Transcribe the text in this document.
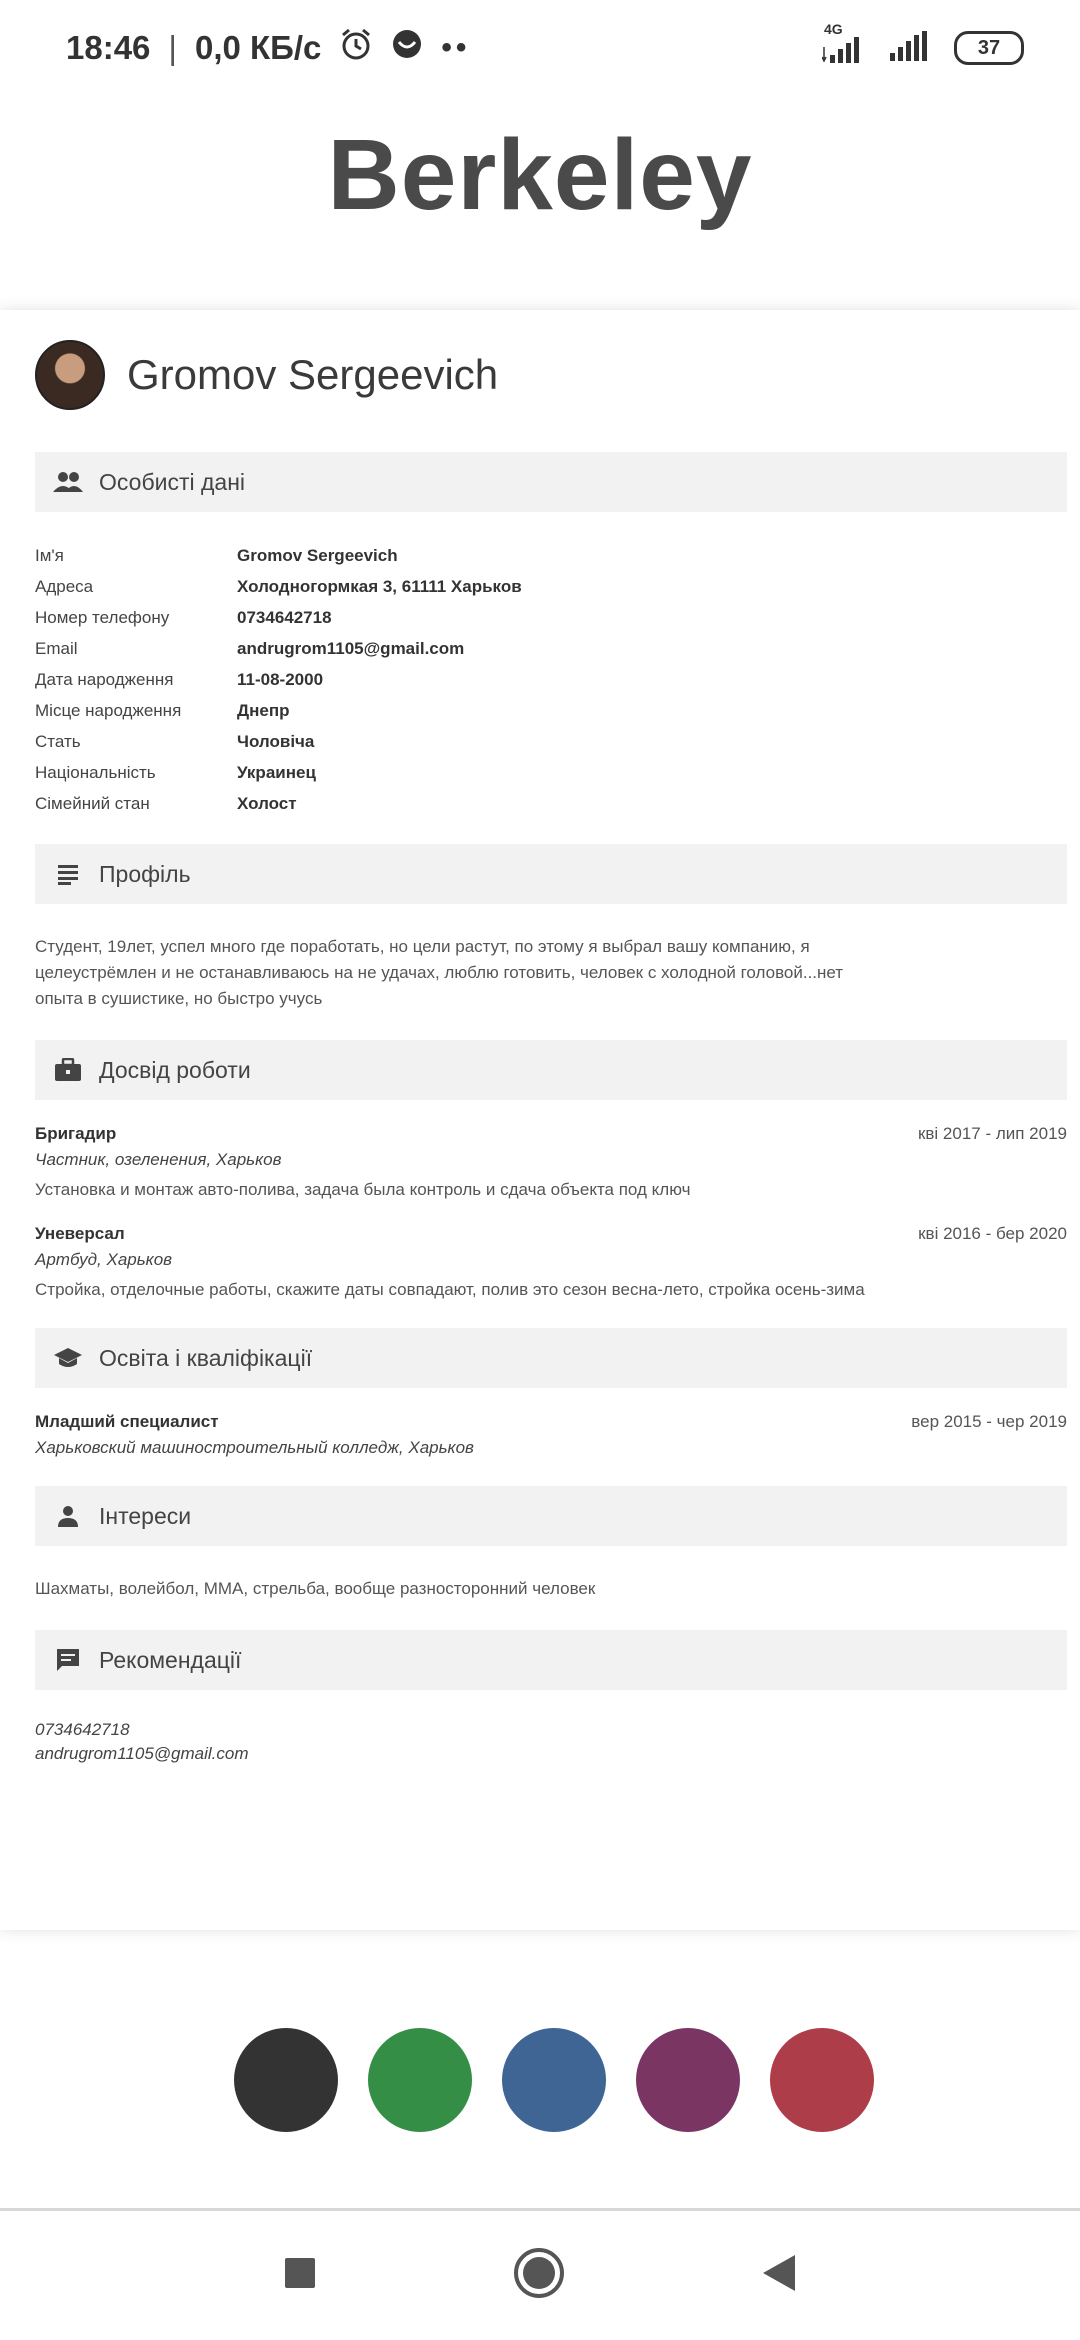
18:46 | 0,0 КБ/с	••
4G
37
Berkeley
Gromov Sergeevich
Особисті дані
Ім'я	Gromov Sergeevich
Адреса	Холодногормкая 3, 61111 Харьков
Номер телефону	0734642718
Email	andrugrom1105@gmail.com
Дата народження	11-08-2000
Місце народження	Днепр
Стать	Чоловіча
Національність	Украинец
Сімейний стан	Холост
Профіль
Студент, 19лет, успел много где поработать, но цели растут, по этому я выбрал вашу компанию, я целеустрёмлен и не останавливаюсь на не удачах, люблю готовить, человек с холодной головой...нет опыта в сушистике, но быстро учусь
Досвід роботи
Бригадир	кві 2017 - лип 2019
Частник, озеленения, Харьков
Установка и монтаж авто-полива, задача была контроль и сдача объекта под ключ
Уневерсал	кві 2016 - бер 2020
Артбуд, Харьков
Стройка, отделочные работы, скажите даты совпадают, полив это сезон весна-лето, стройка осень-зима
Освіта і кваліфікації
Младший специалист	вер 2015 - чер 2019
Харьковский машиностроительный колледж, Харьков
Інтереси
Шахматы, волейбол, ММА, стрельба, вообще разносторонний человек
Рекомендації
0734642718
andrugrom1105@gmail.com
